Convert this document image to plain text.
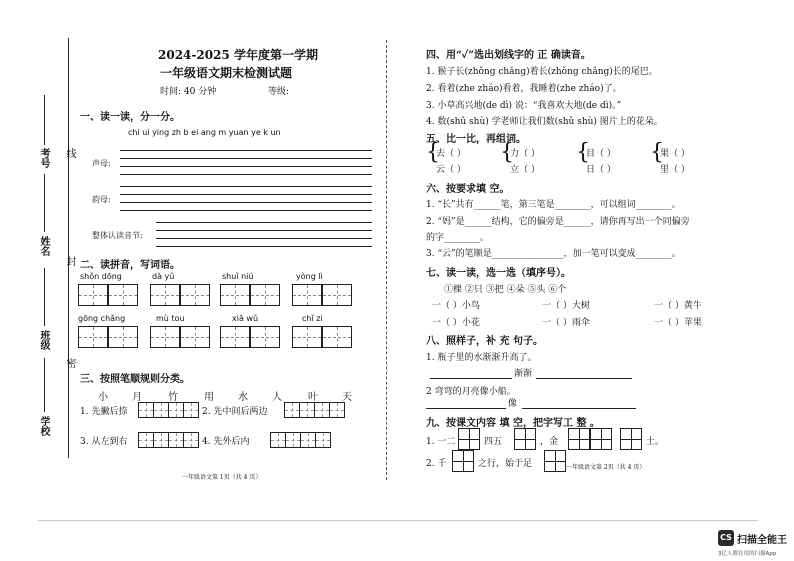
考号 线
姓名
封
班级
密
学校
2024-2025 学年度第一学期
一年级语文期末检测试题
时间: 40 分钟	等级:
一、读一读，分一分。
chi ui ying zh b ei ang m yuan ye k un
声母:
韵母:
整体认读音节:
二、读拼音，写词语。
shǒn dōng	dà yǔ	shuǐ niú	yòng lì
gōng chǎng	mù tou	xiǎ wǔ	chǐ zi
三、按照笔顺规则分类。
小 月	竹	用 水 人	叶 天
1. 先撇后捺	2. 先中间后两边
3. 从左到右	4. 先外后内
一年级语文第 1页（共 4 页）
四、用“✓”选出划线字的 正 确读音。
1. 猴子长(zhǒng chǎng)着长(zhǒng chǎng)长的尾巴。
2. 看着(zhe zháo)看着，我睡着(zhe zháo)了。
3. 小草高兴地(de dì) 说：“我喜欢大地(de dì)。”
4. 数(shǔ shù) 学老师让我们数(shǔ shù) 图片上的花朵。
五、比一比，再组词。
{
去（ ）
云（ ）
{
力（ ）
立（ ）
{
目（ ）
日（ ）
{
果（ ）
里（ ）
六、按要求填 空。
1. “长”共有______笔，第三笔是________，可以组词________。
2. “妈”是______结构，它的偏旁是______，请你再写出一个同偏旁
的字________。
3. “云”的笔顺是________________，加一笔可以变成________。
七、读一读，选一选（填序号）。
①棵 ②只 ③把 ④朵 ⑤头 ⑥个
一（ ）小鸟	一（ ）大树	一（ ）黄牛
一（ ）小花	一（ ）雨伞	一（ ）苹果
八、照样子，补 充 句子。
1. 瓶子里的水渐渐升高了。
渐渐
2 弯弯的月亮像小船。
像
九、按课文内容 填 空，把字写工 整 。
1. 一二	四五	，金	土。
2. 千	之行，始于足	一年级语文第 2页（共 4 页）
CS 扫描全能王
3亿人都在用的扫描App
